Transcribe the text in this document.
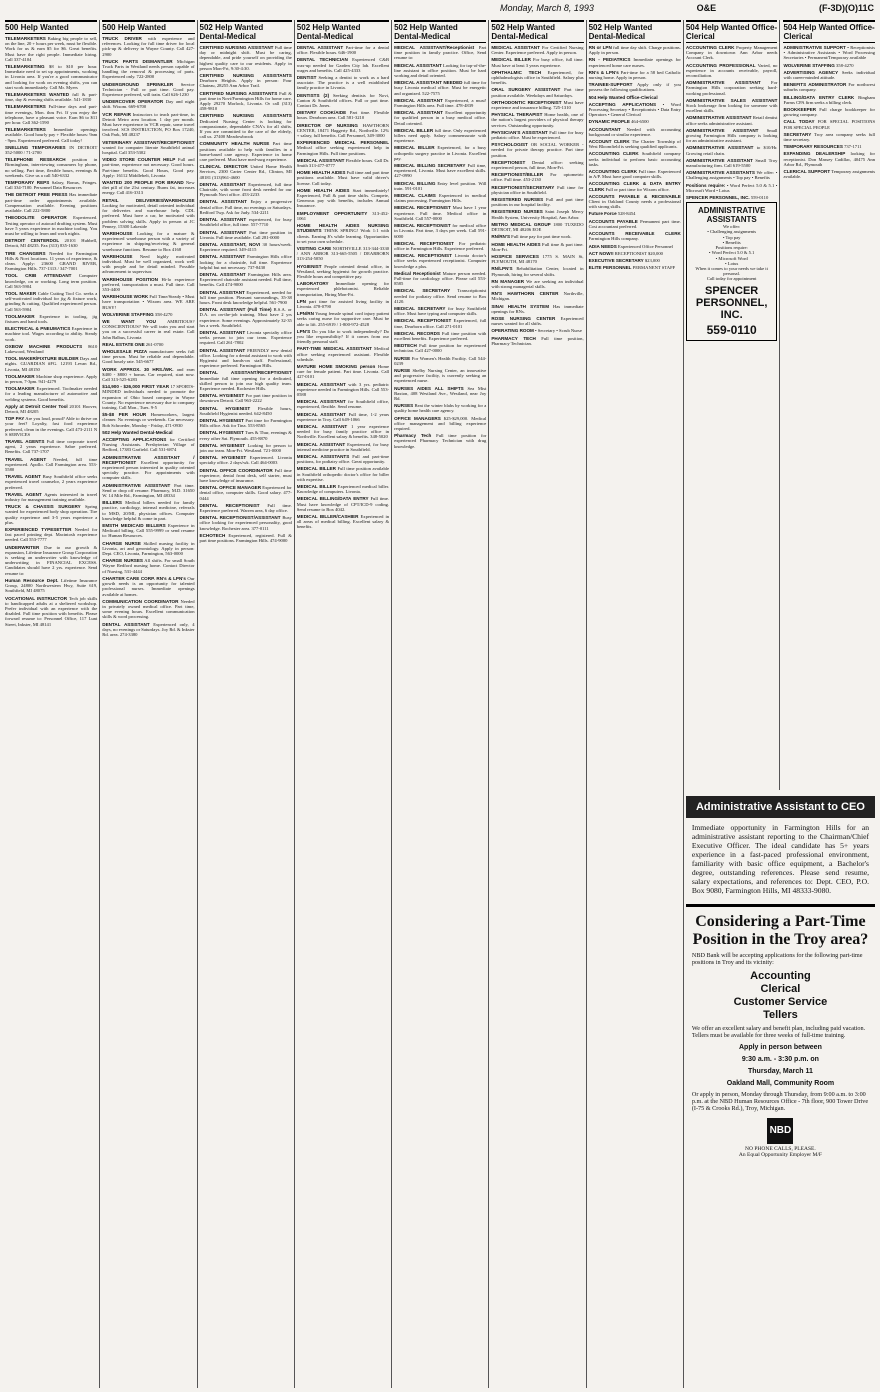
Monday, March 8, 1993	O&E	(F-3D)(O)11C
500 Help Wanted
TELEMARKETERS Baking big people to sell, on the line, 20 + hours per week, must be flexible. Work for us & earn $5 for $6. Great benefits. Must have the right people. Immediate hiring. Call 337-4104
TELEMARKETING $8 to $10 per hour. Immediate need to set up appointments, working in Livonia area. If you're a good communicator and looking for work on evening shifts, you can start work immediately. Call Mr. Myers
TELEMARKETERS WANTED full & part-time, day & evening shifts available. 541-1830
TELEMARKETERS Full-time days and part-time evenings, Mon. thru Fri. If you enjoy the telephone, have a pleasant voice. Earn $6 to $11 per hour. Call 362-1590
TELEMARKETERS Immediate openings available. Good hourly pay + Flexible hours: 9am - 9pm. Experienced preferred. Call today!
SNELLING TEMPORARIES IN DETROIT 352-5000 / 71-2700
TELEPHONE RESEARCH position in Birmingham, interviewing consumers by phone, no selling. Part time, flexible hours, evenings & weekends. Give us a call 540-6332
TEMPORARY REPS Salary, Bonus, Fringes. Call 334-7100. Personnel Data Resources
THE DETROIT FREE PRESS Has immediate part-time order appointments available. Compensation available. Evening positions available. Call 222-5800
THEODOLITE OPERATOR Experienced. Testing operator of autocad drafting system. Must have 5 years experience in machine tooling. You must be willing to learn and work nights.
DETROIT CENTERDOL 20101 Hubbell, Detroit, MI 48235. Fax (313) 835-1630
TIRE CHANGERS Needed for Farmington Hills & Novi locations. 11 years of experience, & clean. Apply: 23600 GRAND RIVER, Farmington Hills. 737-1313 / 347-7001
TOOL CRIB ATTENDANT Computer knowledge, on or working. Long term position. Call 563-5904
TOOL MAKER Cable Cutting Tool Co. seeks a self-motivated individual for jig & fixture work, grinding & cutting. Qualified experienced person. Call 563-5904
TOOLMAKER Experience in tooling, jig fixtures and hand tools.
ELECTRICAL & PNEUMATICS Experience in machine tool. Wages according to ability. Steady work.
OXBOW MACHINE PRODUCTS 8610 Lakewood, Westland
TOOL MAKER/FIXTURE BUILDER Days and nights. GUARDIAN #FG. 12193 Levan Rd., Livonia, MI 48150
TOOLMAKER Machine shop experience. Apply in person, 7-3pm. 941-4279
TOOLMAKER Experienced. Toolmaker needed for a leading manufacturer of automotive and welding systems. Good benefits.
Apply at Detroit Center Tool 20101 Hoover, Detroit, MI 48205
TOP PAY Are you loud, proud? Able to thrive on your feet? Loyalty, fast food experience preferred, clean in the evenings. Call 473-2111 N S SERVICES
TRAVEL AGENTS Full time corporate travel agent, 2 years experience. Sabre preferred. Benefits. Call 737-1707
TRAVEL AGENT Needed, full time experienced. Apollo. Call Farmington area. 553-5580
TRAVEL AGENT Busy Southfield office seeks experienced travel counselor, 2 years experience preferred.
TRAVEL AGENT Agents interested in travel industry for management training available.
TRUCK & CHASSIS SURGERY Spring wanted for experienced body shop operation. Tire quality experience and 3-5 years experience a plus.
EXPERIENCED TYPESETTER Needed for fast paced printing dept. Macintosh experience needed. Call 553-7777
UNDERWRITER Due to our growth & expansion, Lifetime Insurance Group Corporation is seeking an underwriter with knowledge of underwriting in FINANCIAL EXCESS. Candidates should have 2 yrs. experience. Send resume to:
Human Resource Dept. Lifetime Insurance Group, 24800 Northwestern Hwy, Suite 619, Southfield, MI 48075
VOCATIONAL INSTRUCTOR Tech job skills to handicapped adults at a sheltered workshop. Prefer individual with an experience with the disabled. Full time position with benefits. Please forward resume to: Personnel Office, 117 Lunt Street, Inkster, MI 48141
500 Help Wanted
TRUCK DRIVER with experience and references. Looking for full time driver for local pick-up & delivery in Wayne County. Call 427-2900
TRUCK PARTS DISMANTLER Michigan Truck Parts in Westland needs person capable of handling the removal & processing of parts. Experienced only. 722-2800
UNDERGROUND SPRINKLER Service Technician - Full or part time. Good pay. Experience preferred, will train. Call 626-1230
UNDERCOVER OPERATOR Day and night shift. Wixom. 669-6700
VCR REPAIR Instructors to teach part-time, in Detroit Metro area location. 1 day per month. Must have experience in VCR repair, some travel involved. SCS INSTRUCTION, PO Box 17240, Oak Park, MI 48237
VETERINARY ASSISTANT/RECEPTIONIST wanted for computer literate Southfield animal hospital. Call 353-5302
VIDEO STORE COUNTER HELP Full and part-time, experience not necessary. Good hours. Part-time benefits. Good Hours, Good pay. Apply: 16112 Middlebelt, Livonia
WANTED 200 PEOPLE FOR BRAND New diet pill of the 21st century. Burns fat, increases energy. Call 416-3313
RETAIL DELIVERIES/WAREHOUSE Looking for motivated, detail oriented individual for deliveries and warehouse help. CDL preferred. Must have a car, be motivated with problem solving skills. Apply in person at JC Penney, 15300 Lakeside
WAREHOUSE Looking for a mature & experienced warehouse person with a variety of experience in shipping/receiving & general warehouse functions. Resume to Box 4168
WAREHOUSE Need highly motivated individual. Must be well organized, work well with people and be detail minded. Possible advancement to supervisor.
WAREHOUSE POSITION Hi-lo experience preferred, transportation a must. Full time. Call 353-4400
WAREHOUSE WORK Full Time/Steady • Must have transportation • Wixom area. WE ARE BUSY!
WOLVERINE STAFFING 358-4270
WE WANT YOU AMBITIOUS? CONSCIENTIOUS? We will train you and start you on a successful career in real estate. Call John Balbus, Livonia
REAL ESTATE ONE 261-0700
WHOLESALE PIZZA manufacturer seeks full time person. Must be reliable and dependable. Good hourly rate. 545-6677
WORK APPROX. 30 HRS./WK. and earn $400 - $800 + bonus. Car required, start now. Call 313-525-6283
$14,900 - $26,000 FIRST YEAR 17 SPORTS-MINDED individuals needed to promote the expansion of Ohio based company in Wayne County. No experience necessary due to company training. Call Mon., Tues. 9-5
$5-$8 PER HOUR Homeworkers, largest cleaner. No evenings or weekends. Car necessary. Bob Schroeder, Monday - Friday, 471-0930
502 Help Wanted Dental-Medical
ACCEPTING APPLICATIONS for Certified Nursing Assistants. Presbyterian Village of Redford, 17383 Garfield. Call 531-6874
ADMINISTRATIVE ASSISTANT / RECEPTIONIST Excellent opportunity for experienced person interested in quality oriented specialty practice. For appointments with computer skills.
ADMINISTRATIVE ASSISTANT Part time. Send or drop off resume. Pharmacy, M.D. 31650 W. 14 Mile Rd., Farmington, MI 48334
BILLERS Medical billers needed for family practice, cardiology, internal medicine, referrals to MSD, 20/MI, physician offices. Computer knowledge helpful & come in part.
EMSTH MEDICAID BILLERS Experience in Medicaid billing. Call 555-9999 or send resume to: Human Resources.
CHARGE NURSE Skilled nursing facility in Livonia, art and gerontology. Apply in person: Dept. CEO, Livonia, Farmington, 563-0000
CHARGE NURSES All shifts. For small South Wayne Redford nursing home. Contact Director of Nursing, 531-4444
CHARTER CARE CORP. RN's & LPN's Our growth needs is an opportunity for talented professional nurses. Immediate openings available at homes.
COMMUNICATION COORDINATOR Needed in privately owned medical office. Part time, some evening hours. Excellent communication skills & word processing.
DENTAL ASSISTANT Experienced only, 4 days, no evenings or Saturdays. Joy Rd. & Inkster Rd. area. 274-3380
502 Help Wanted Dental-Medical
CERTIFIED NURSING ASSISTANT Full time day or midnight shift. Must be caring, dependable, and pride yourself on providing the highest quality care to our residents. Apply in person Mon-Fri, 9:30-4:30.
CERTIFIED NURSING ASSISTANTS Dearborn Heights. Apply in person: Four Chateau, 28255 Ann Arbor Trail.
CERTIFIED NURSING ASSISTANTS Full & part time in Novi/Farmington Hills for home care. Apply 29270 Morlock, Livonia. Or call (313) 458-9810
CERTIFIED NURSING ASSISTANTS Dedicated Nursing Center is looking for compassionate, dependable CNA's for all shifts. If you are committed to the care of the elderly, call us. 27400 Meadowbrook
COMMUNITY HEALTH NURSE Part time positions available to help with families in a home-based care agency. Experience in home care preferred. Must have med-surg experience.
CLINICAL DIRECTOR United Home Health Services, 2300 Carter Center Rd., Clinton, MI 48181 (313)961-4600
DENTAL ASSISTANT Experienced, full time Chairside, with some front desk needed for our Plymouth Novi office. 453-2233
DENTAL ASSISTANT Enjoy a progressive dental office. Full time, no evenings or Saturdays. Redford Twp. Ask for Judy. 534-2211
DENTAL ASSISTANT experienced, for busy Southfield office, full time. 557-7710
DENTAL ASSISTANT Part time position in Livonia. Full time available. Call 281-0000
DENTAL ASSISTANT, NOVI 30 hours/week. Experience required. 349-4115
DENTAL ASSISTANT Farmington Hills office looking for a chairside, full time. Experience helpful but not necessary. 737-8430
DENTAL ASSISTANT Farmington Hills area. Experienced chairside assistant needed. Full time, benefits. Call 474-9000
DENTAL ASSISTANT Experienced, needed for full time position. Pleasant surroundings, 35-38 hours. Front desk knowledge helpful. 561-7900
DENTAL ASSISTANT (Full Time) B.S.A. or D.A. on on-the-job training. Must have 2 yrs experience. Some evenings. Approximately 32-35 hrs a week. Southfield.
DENTAL ASSISTANT Livonia specialty office seeks person to join our team. Experience required. Call 261-7802
DENTAL ASSISTANT FRIENDLY new dental office. Looking for a dental assistant to work with Hygienist and hands-on staff. Professional, experience preferred. Farmington Hills.
DENTAL ASSISTANT/RECEPTIONIST Immediate full time opening for a dedicated, skilled person to join our high quality team. Experience needed. Rochester Hills.
DENTAL HYGIENIST For part time position in downtown Detroit. Call 963-2222
DENTAL HYGIENIST Flexible hours, Southfield Hygienist needed. 642-8450
DENTAL HYGIENIST Part time for Farmington Hills office. Ask for Tina. 553-8565
DENTAL HYGIENIST Tues & Thur, evenings & every other Sat. Plymouth. 455-8870
DENTAL HYGIENIST Looking for person to join our team. Mon-Fri. Westland. 721-0000
DENTAL HYGIENIST Experienced. Livonia specialty office. 2 days/wk. Call 464-0003
DENTAL OFFICE COORDINATOR Full time experience, dental front desk, self starter, must have knowledge of insurance.
DENTAL OFFICE MANAGER Experienced for dental office, computer skills. Good salary. 477-0444
DENTAL RECEPTIONIST Full time. Experience preferred. Warren area, 6 day office.
DENTAL RECEPTIONIST/ASSISTANT Busy office looking for experienced personality, good knowledge. Rochester area. 377-0111
ECHOTECH Experienced, registered. Full & part time positions. Farmington Hills. 474-9000
502 Help Wanted Dental-Medical
DENTAL ASSISTANT Part-time for a dental office. Flexible hours. 646-1900
DENTAL TECHNICIAN Experienced C&B wax-up needed for Garden City lab. Excellent wages and benefits. Call 425-4333
DENTIST Seeking a dentist to work as a hard associate. The practice is a well established family practice in Livonia.
DENTISTS (2) Seeking dentists for Novi, Canton & Southfield offices. Full or part time. Contact Dr. Jones.
DIETARY COOK/AIDE Part time. Flexible hours. Dearborn area. Call 581-3210
DIRECTOR OF NURSING HAWTHORN CENTER, 18471 Haggerty Rd., Northville. 12% + salary, full benefits. Call Personnel, 349-3000
EXPERIENCED MEDICAL PERSONNEL Medical office seeking experienced help in Farmington Hills. Full time positions.
MEDICAL ASSISTANT Flexible hours. Call Dr. Smith 313-477-0777
HOME HEALTH AIDES Full time and part time positions available. Must have valid driver's license. Call today.
HOME HEALTH AIDES Start immediately! Experienced, Full & part time shifts. Compete, Generous pay with benefits, includes Annual Insurance.
EMPLOYMENT OPPORTUNITY 313-452-1061
HOME HEALTH AIDES NURSING STUDENTS THINK SPRING! Work 1:1 with clients. Earning $'s while learning. Opportunities to set your own schedule.
VISITING CARE NORTHVILLE 313-344-3330 / ANN ARBOR 313-665-5505 / DEARBORN 313-254-5050
HYGIENIST People oriented dental office, in Westland, seeking hygienist for growth practice. Flexible hours and competitive pay.
LABORATORY Immediate opening for experienced phlebotomist. Reliable transportation, Hiring Mon-Fri.
LPN part time for assisted living facility in Livonia. 478-0790
LPN/RN Young female spinal cord injury patient seeks caring nurse for supportive care. Must be able to lift. 255-6919 / 1-800-972-4528
LPN'S Do you like to work independently? Do you like responsibility? If it comes from our friendly personal staff.
PART-TIME MEDICAL ASSISTANT Medical office seeking experienced assistant. Flexible schedule.
MATURE HOME SMOKING person Home care for female patient. Part time. Livonia. Call 427-0101
MEDICAL ASSISTANT with 3 yrs. pediatric experience needed in Farmington Hills. Call 553-0588
MEDICAL ASSISTANT for Southfield office, experienced, flexible. Send resume.
MEDICAL ASSISTANT Full time, 1-2 years experience in Troy. Call 649-1066
MEDICAL ASSISTANT 1 year experience needed for busy family practice office in Northville. Excellent salary & benefits. 348-5020
MEDICAL ASSISTANT Experienced, for busy internal medicine practice in Southfield.
MEDICAL ASSISTANTS Full and part-time positions, for podiatry office. Great opportunity.
MEDICAL BILLER Full time position available in Southfield orthopedic doctor's office for biller with expertise.
MEDICAL BILLER Experienced medical biller. Knowledge of computers. Livonia.
MEDICAL BILLING/DATA ENTRY Full time. Must have knowledge of CPT/ICD-9 coding. Send resume to Box 4042.
MEDICAL BILLER/CASHIER Experienced in all areas of medical billing. Excellent salary & benefits.
502 Help Wanted Dental-Medical
MEDICAL ASSISTANT/Receptionist Part time position in family practice. Office, Send resume to:
MEDICAL ASSISTANT Looking for top-of-the-line assistant in office position. Must be hard working and detail oriented.
MEDICAL ASSISTANT NEEDED full time for busy Livonia medical office. Must be energetic and organized. 522-7575
MEDICAL ASSISTANT Experienced, a must! Farmington Hills area. Full time. 478-4839
MEDICAL ASSISTANT Excellent opportunity for qualified person in a busy medical office. Detail oriented.
MEDICAL BILLER full time. Only experienced billers need apply. Salary commensurate with experience.
MEDICAL BILLER Experienced, for a busy orthopedic surgery practice in Livonia. Excellent pay.
MEDICAL BILLING SECRETARY Full time, experienced, Livonia. Must have excellent skills. 427-0990
MEDICAL BILLING Entry level position. Will train. 591-0101
MEDICAL CLAIMS Experienced in medical claims processing. Farmington Hills.
MEDICAL RECEPTIONIST Must have 1 year experience. Full time. Medical office in Southfield. Call 557-0000
MEDICAL RECEPTIONIST for medical office in Livonia. Part time, 3 days per week. Call 591-6000
MEDICAL RECEPTIONIST For pediatric office in Farmington Hills. Experience preferred.
MEDICAL RECEPTIONIST Livonia doctor's office seeks experienced receptionist. Computer knowledge a plus.
Medical Receptionist Mature person needed. Full-time for cardiology office. Please call 553-8585
MEDICAL SECRETARY Transcriptionist needed for podiatry office. Send resume to Box 4120.
MEDICAL SECRETARY for busy Southfield office. Must have typing and computer skills.
MEDICAL RECEPTIONIST Experienced, full time, Dearborn office. Call 271-0101
MEDICAL RECORDS Full time position with excellent benefits. Experience preferred.
MEDTECH Full time position for experienced technician. Call 427-0000
NURSE For Women's Health Facility. Call 544-0239
NURSE Shelby Nursing Center, an innovative and progressive facility, is currently seeking an experienced nurse.
NURSES AIDES ALL SHIFTS Sea Mist Baxton, 408 Westland Ave., Westland, near Joy Rd.
NURSES Beat the winter blahs by working for a quality home health care agency.
OFFICE MANAGERS $25-$29,000. Medical office management and billing experience required.
Pharmacy Tech Full time position for experienced Pharmacy Technician with drug knowledge.
502 Help Wanted Dental-Medical
MEDICAL ASSISTANT For Certified Nursing Center. Experience preferred. Apply in person.
MEDICAL BILLER For busy office, full time. Must have at least 3 years experience.
OPHTHALMIC TECH Experienced, for ophthalmologists office in Southfield. Salary plus benefits.
ORAL SURGERY ASSISTANT Part time position available. Weekdays and Saturdays.
ORTHODONTIC RECEPTIONIST Must have experience and insurance billing. 725-1310
PHYSICAL THERAPIST Home health, one of the nation's largest providers of physical therapy services. Outstanding opportunity.
PHYSICIAN'S ASSISTANT Full time for busy pediatric office. Must be experienced.
PSYCHOLOGIST OR SOCIAL WORKER - needed for private therapy practice. Part time position.
RECEPTIONIST Dental office: seeking experienced person, full time, Mon-Fri.
RECEPTIONIST/BILLER For optometric office. Full time. 453-2130
RECEPTIONIST/SECRETARY Full time for physician office in Southfield.
REGISTERED NURSES Full and part time positions in our hospital facility.
REGISTERED NURSES Saint Joseph Mercy Health System, University Hospital, Ann Arbor.
METRO MEDICAL GROUP 1800 TUXEDO DETROIT, MI 48206 EOE
RN/RN'S Full time pay for part time work.
HOME HEALTH AIDES Full time & part time. Mon-Fri.
HOSPICE SERVICES 1775 S. MAIN St, PLYMOUTH, MI 48170
RN/LPN'S Rehabilitation Center, located in Plymouth, hiring for several shifts.
RN MANAGER We are seeking an individual with strong managerial skills.
RN'S HAWTHORN CENTER Northville, Michigan.
SINAI HEALTH SYSTEM Has immediate openings for RNs.
ROSE NURSING CENTER Experienced nurses wanted for all shifts.
OPERATING ROOM • Secretary • Scrub Nurse
PHARMACY TECH Full time position, Pharmacy Technician.
502 Help Wanted Dental-Medical
RN or LPN full time day shift. Charge positions. Apply in person.
RN - PEDIATRICS Immediate openings for experienced home care nurses.
RN's & LPN's Part-time for a 58 bed Catholic nursing home. Apply in person.
TRAINEE-SUPPORT Apply only if you possess the following qualifications.
504 Help Wanted Office-Clerical
ACCEPTING APPLICATIONS • Word Processing Secretary • Receptionists • Data Entry Operators • General Clerical
DYNAMIC PEOPLE 464-6500
ACCOUNTANT Needed with accounting background or similar experience.
ACCOUNT CLERK The Charter Township of West Bloomfield is seeking qualified applicants.
ACCOUNTING CLERK Southfield company seeks individual to perform basic accounting tasks.
ACCOUNTING CLERK Full time. Experienced in A/P. Must have good computer skills.
ACCOUNTING CLERK & DATA ENTRY CLERK Full or part time for Wixom office.
ACCOUNTS PAYABLE & RECEIVABLE Client in Oakland County needs a professional with strong skills.
Future Force 528-8454
ACCOUNTS PAYABLE Permanent part time. Cost accountant preferred.
ACCOUNTS RECEIVABLE CLERK Farmington Hills company.
ADIA NEEDS Experienced Office Personnel
ACT NOW!! RECEPTIONIST $20,000
EXECUTIVE SECRETARY $23,000
ELITE PERSONNEL PERMANENT STAFF
504 Help Wanted Office-Clerical
ACCOUNTING CLERK Property Management Company in downtown Ann Arbor needs Account Clerk.
ACCOUNTING PROFESSIONAL Varied, no experience in accounts receivable, payroll, reconciliation.
ADMINISTRATIVE ASSISTANT For Farmington Hills corporation seeking hard-working professional.
ADMINISTRATIVE SALES ASSISTANT Stock brokerage firm looking for someone with excellent skills.
ADMINISTRATIVE ASSISTANT Retail dentist office seeks administrative assistant.
ADMINISTRATIVE ASSISTANT Small growing Farmington Hills company is looking for an administrative assistant.
ADMINISTRATIVE ASSISTANT to $10/Hr. Growing retail chain.
ADMINISTRATIVE ASSISTANT Small Troy manufacturing firm. Call 619-5500
ADMINISTRATIVE ASSISTANTS We offer: • Challenging assignments • Top pay • Benefits
Positions require: • Word Perfect 5.0 & 5.1 • Microsoft Word • Lotus
SPENCER PERSONNEL, INC. 559-0110
ADMINISTRATIVE ASSISTANTS
We offer:
• Challenging assignments
• Top pay
• Benefits
Positions require:
• Word Perfect 5.0 & 5.1
• Microsoft Word
• Lotus
When it comes to your needs we take it personal.
Call today for appointment
SPENCER PERSONNEL, INC.
559-0110
504 Help Wanted Office-Clerical
ADMINISTRATIVE SUPPORT • Receptionists • Administrative Assistants • Word Processing Secretaries • Permanent/Temporary available
WOLVERINE STAFFING 358-4270
ADVERTISING AGENCY Seeks individual with career-minded attitude.
BENEFITS ADMINISTRATOR For northwest suburbs company.
BILLING/DATA ENTRY CLERK Bingham Farms CPA firm seeks a billing clerk.
BOOKKEEPER Full charge bookkeeper for growing company.
CALL TODAY FOR SPECIAL POSITIONS FOR SPECIAL PEOPLE
SECRETARY Troy area company seeks full time secretary.
TEMPORARY RESOURCES 737-1711
EXPANDING DEALERSHIP looking for receptionist. Don Massey Cadillac, 40475 Ann Arbor Rd., Plymouth
CLERICAL SUPPORT Temporary assignments available.
Administrative Assistant to CEO
Immediate opportunity in Farmington Hills for an administrative assistant reporting to the Chairman/Chief Executive Officer. The ideal candidate has 5+ years experience in a fast-paced professional environment, familiarity with basic office equipment, a Bachelor's degree, outstanding references. Please send resume, salary expectations, and references to: Dept. CEO, P.O. Box 9080, Farmington Hills, MI 48333-9080.
Considering a Part-Time Position in the Troy area?
NBD Bank will be accepting applications for the following part-time positions in Troy and its vicinity:
Accounting
Clerical
Customer Service
Tellers
We offer an excellent salary and benefit plan, including paid vacation. Tellers must be available for three weeks of full-time training.
Apply in person between
9:30 a.m. - 3:30 p.m. on
Thursday, March 11
Oakland Mall, Community Room
Or apply in person, Monday through Thursday, from 9:00 a.m. to 3:00 p.m. at the NBD Human Resources Office - 7th floor, 900 Tower Drive (I-75 & Crooks Rd.), Troy, Michigan.
NBD
NO PHONE CALLS, PLEASE.
An Equal Opportunity Employer M/F
